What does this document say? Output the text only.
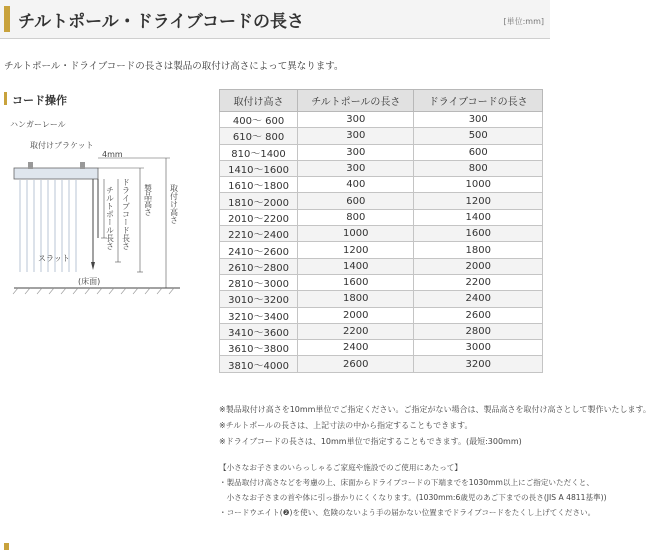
チルトポール・ドライブコードの長さ	[単位:mm]
チルトポール・ドライブコードの長さは製品の取付け高さによって異なります。
コード操作
ハンガーレール
取付けブラケット
4mm
スラット
(床面)
チルトポール長さ ドライブコード長さ 製品高さ 取付け高さ
取付け高さ	チルトポールの長さ	ドライブコードの長さ
400～ 600	300	300
610～ 800	300	500
810～1400	300	600
1410～1600	300	800
1610～1800	400	1000
1810～2000	600	1200
2010～2200	800	1400
2210～2400	1000	1600
2410～2600	1200	1800
2610～2800	1400	2000
2810～3000	1600	2200
3010～3200	1800	2400
3210～3400	2000	2600
3410～3600	2200	2800
3610～3800	2400	3000
3810～4000	2600	3200
※製品取付け高さを10mm単位でご指定ください。ご指定がない場合は、製品高さを取付け高さとして製作いたします。
※チルトポールの長さは、上記寸法の中から指定することもできます。
※ドライブコードの長さは、10mm単位で指定することもできます。(最短:300mm)
【小さなお子さまのいらっしゃるご家庭や施設でのご使用にあたって】
・製品取付け高さなどを考慮の上、床面からドライブコードの下端までを1030mm以上にご指定いただくと、
　小さなお子さまの首や体に引っ掛かりにくくなります。(1030mm:6歳児のあご下までの長さ(JIS A 4811基準))
・コードウエイト(❷)を使い、危険のないよう手の届かない位置までドライブコードをたくし上げてください。
